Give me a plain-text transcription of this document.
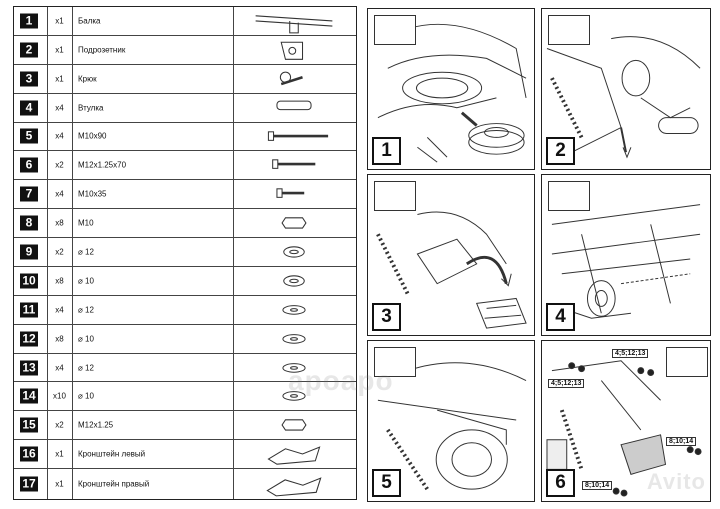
1	x1	Балка
2	x1	Подрозетник
3	x1	Крюк
4	x4	Втулка
5	x4	M10x90
6	x2	M12x1.25x70
7	x4	M10x35
8	x8	M10
9	x2	⌀ 12
10	x8	⌀ 10
11	x4	⌀ 12
12	x8	⌀ 10
13	x4	⌀ 12
14	x10	⌀ 10
15	x2	M12x1.25
16	x1	Кронштейн левый
17	x1	Кронштейн правый
1	2
3	4
5
apoapo
4;5;12;13
4;5;12;13
8;10;14
8;10;14
6	Avito
